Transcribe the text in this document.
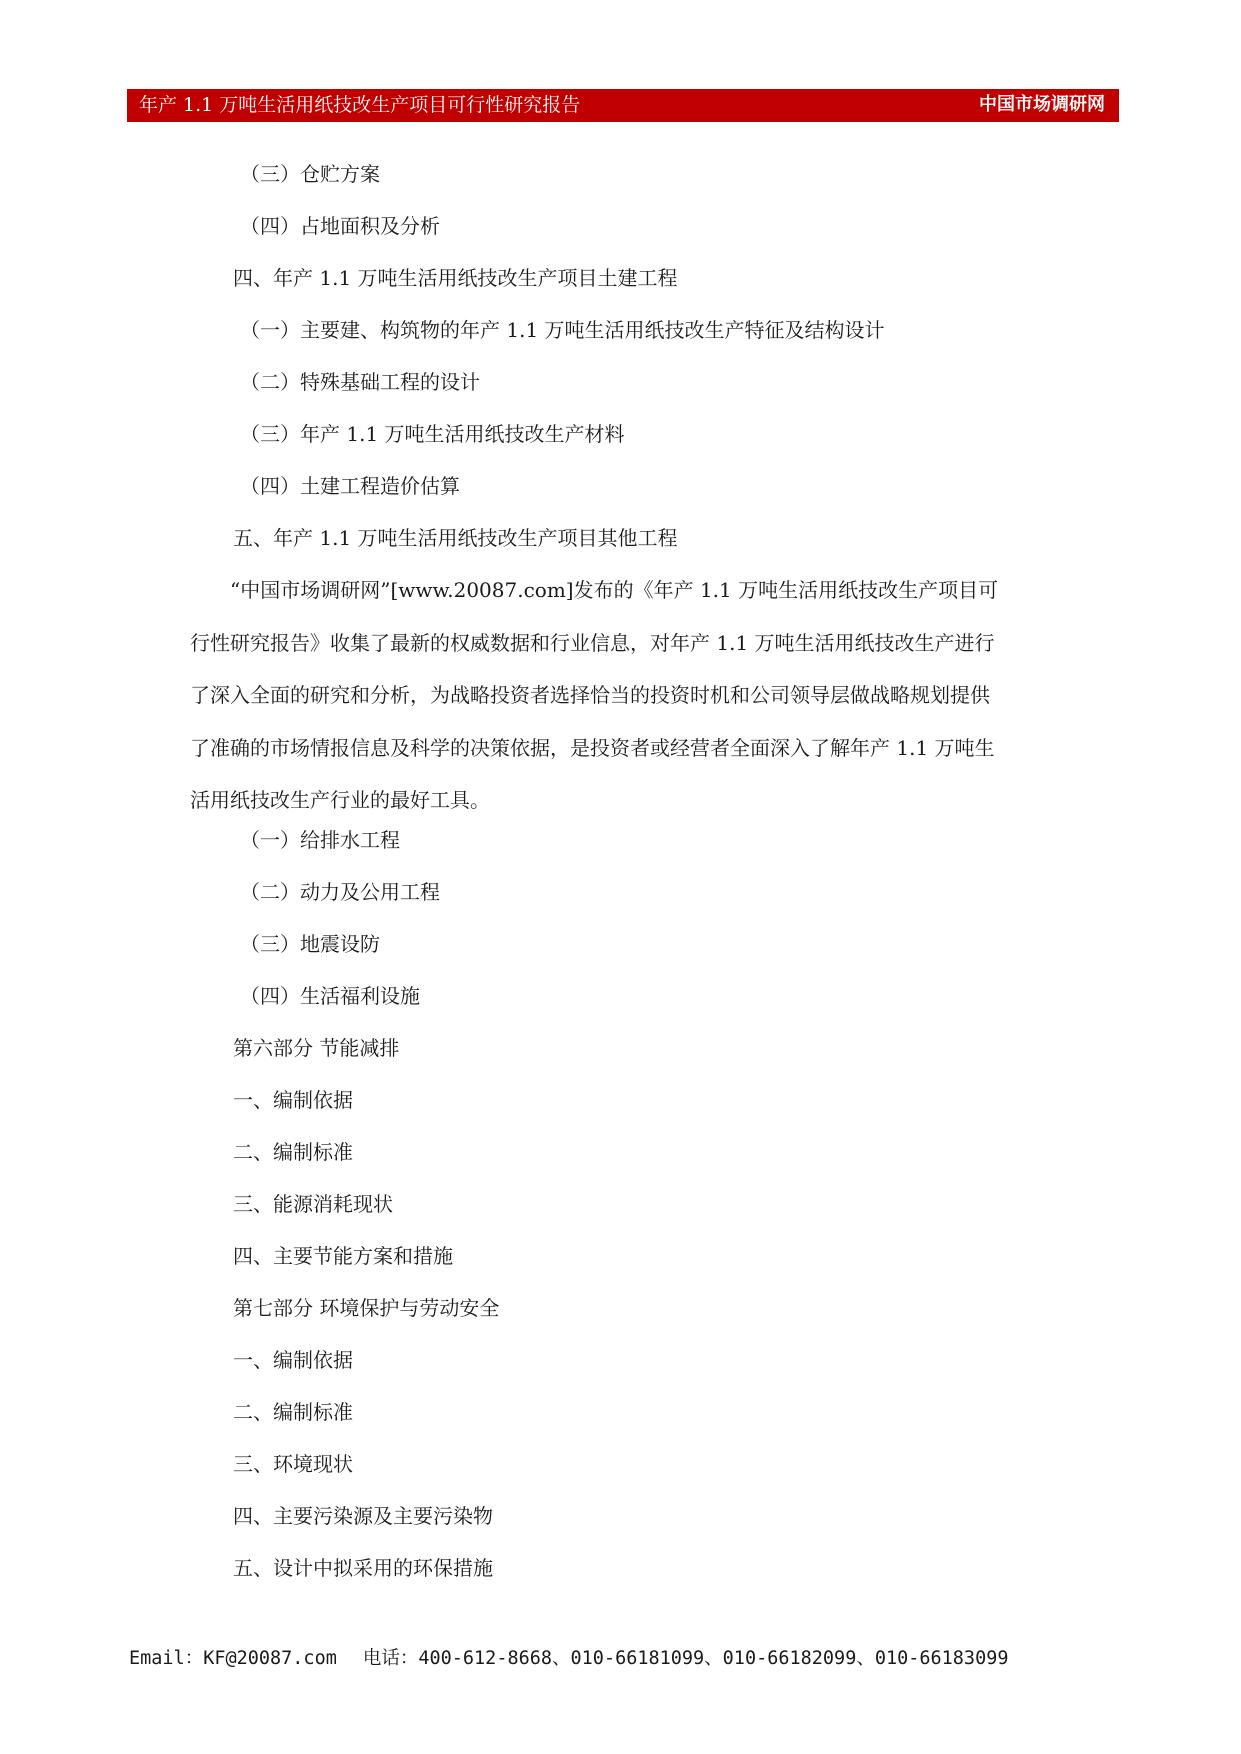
年产 1.1 万吨生活用纸技改生产项目可行性研究报告	中国市场调研网
（三）仓贮方案
（四）占地面积及分析
四、年产 1.1 万吨生活用纸技改生产项目土建工程
（一）主要建、构筑物的年产 1.1 万吨生活用纸技改生产特征及结构设计
（二）特殊基础工程的设计
（三）年产 1.1 万吨生活用纸技改生产材料
（四）土建工程造价估算
五、年产 1.1 万吨生活用纸技改生产项目其他工程
“中国市场调研网”[www.20087.com]发布的《年产 1.1 万吨生活用纸技改生产项目可
行性研究报告》收集了最新的权威数据和行业信息，对年产 1.1 万吨生活用纸技改生产进行
了深入全面的研究和分析，为战略投资者选择恰当的投资时机和公司领导层做战略规划提供
了准确的市场情报信息及科学的决策依据，是投资者或经营者全面深入了解年产 1.1 万吨生
活用纸技改生产行业的最好工具。
（一）给排水工程
（二）动力及公用工程
（三）地震设防
（四）生活福利设施
第六部分 节能减排
一、编制依据
二、编制标准
三、能源消耗现状
四、主要节能方案和措施
第七部分 环境保护与劳动安全
一、编制依据
二、编制标准
三、环境现状
四、主要污染源及主要污染物
五、设计中拟采用的环保措施
Email：KF@20087.com 电话：400-612-8668、010-66181099、010-66182099、010-66183099
